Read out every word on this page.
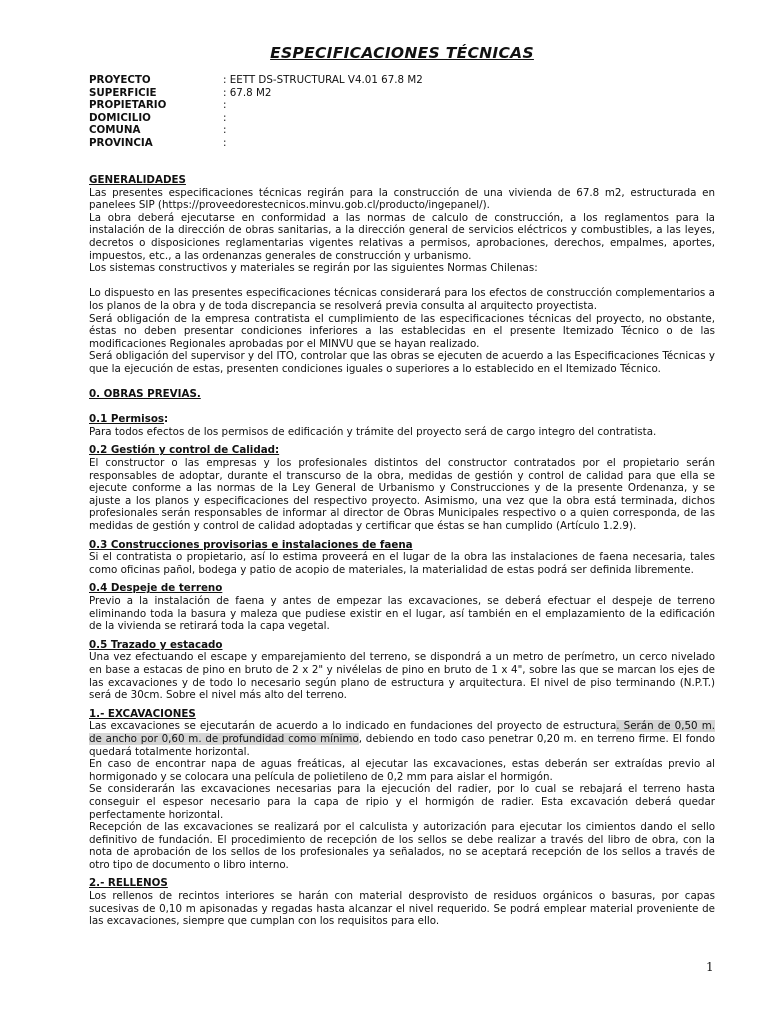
ESPECIFICACIONES TÉCNICAS
PROYECTO	: EETT DS-STRUCTURAL V4.01 67.8 M2
SUPERFICIE	: 67.8 M2
PROPIETARIO	:
DOMICILIO	:
COMUNA	:
PROVINCIA	:
GENERALIDADES

Las presentes especificaciones técnicas regirán para la construcción de una vivienda de 67.8 m2, estructurada en panelees SIP (https://proveedorestecnicos.minvu.gob.cl/producto/ingepanel/).

La obra deberá ejecutarse en conformidad a las normas de calculo de construcción, a los reglamentos para la instalación de la dirección de obras sanitarias, a la dirección general de servicios eléctricos y combustibles, a las leyes, decretos o disposiciones reglamentarias vigentes relativas a permisos, aprobaciones, derechos, empalmes, aportes, impuestos, etc., a las ordenanzas generales de construcción y urbanismo.

Los sistemas constructivos y materiales se regirán por las siguientes Normas Chilenas:

Lo dispuesto en las presentes especificaciones técnicas considerará para los efectos de construcción complementarios a los planos de la obra y de toda discrepancia se resolverá previa consulta al arquitecto proyectista.

Será obligación de la empresa contratista el cumplimiento de las especificaciones técnicas del proyecto, no obstante, éstas no deben presentar condiciones inferiores a las establecidas en el presente Itemizado Técnico o de las modificaciones Regionales aprobadas por el MINVU que se hayan realizado.

Será obligación del supervisor y del ITO, controlar que las obras se ejecuten de acuerdo a las Especificaciones Técnicas y que la ejecución de estas, presenten condiciones iguales o superiores a lo establecido en el Itemizado Técnico.

0. OBRAS PREVIAS.
0.1 Permisos:

Para todos efectos de los permisos de edificación y trámite del proyecto será de cargo integro del contratista.

0.2 Gestión y control de Calidad:

El constructor o las empresas y los profesionales distintos del constructor contratados por el propietario serán responsables de adoptar, durante el transcurso de la obra, medidas de gestión y control de calidad para que ella se ejecute conforme a las normas de la Ley General de Urbanismo y Construcciones y de la presente Ordenanza, y se ajuste a los planos y especificaciones del respectivo proyecto. Asimismo, una vez que la obra está terminada, dichos profesionales serán responsables de informar al director de Obras Municipales respectivo o a quien corresponda, de las medidas de gestión y control de calidad adoptadas y certificar que éstas se han cumplido (Artículo 1.2.9).

0.3 Construcciones provisorias e instalaciones de faena

Si el contratista o propietario, así lo estima proveerá en el lugar de la obra las instalaciones de faena necesaria, tales como oficinas pañol, bodega y patio de acopio de materiales, la materialidad de estas podrá ser definida libremente.

0.4 Despeje de terreno

Previo a la instalación de faena y antes de empezar las excavaciones, se deberá efectuar el despeje de terreno eliminando toda la basura y maleza que pudiese existir en el lugar, así también en el emplazamiento de la edificación de la vivienda se retirará toda la capa vegetal.

0.5 Trazado y estacado

Una vez efectuando el escape y emparejamiento del terreno, se dispondrá a un metro de perímetro, un cerco nivelado en base a estacas de pino en bruto de 2 x 2" y nivélelas de pino en bruto de 1 x 4", sobre las que se marcan los ejes de las excavaciones y de todo lo necesario según plano de estructura y arquitectura. El nivel de piso terminando (N.P.T.) será de 30cm. Sobre el nivel más alto del terreno.

1.- EXCAVACIONES

Las excavaciones se ejecutarán de acuerdo a lo indicado en fundaciones del proyecto de estructura. Serán de 0,50 m. de ancho por 0,60 m. de profundidad como mínimo, debiendo en todo caso penetrar 0,20 m. en terreno firme. El fondo quedará totalmente horizontal.

En caso de encontrar napa de aguas freáticas, al ejecutar las excavaciones, estas deberán ser extraídas previo al hormigonado y se colocara una película de polietileno de 0,2 mm para aislar el hormigón.

Se considerarán las excavaciones necesarias para la ejecución del radier, por lo cual se rebajará el terreno hasta conseguir el espesor necesario para la capa de ripio y el hormigón de radier. Esta excavación deberá quedar perfectamente horizontal.

Recepción de las excavaciones se realizará por el calculista y autorización para ejecutar los cimientos dando el sello definitivo de fundación. El procedimiento de recepción de los sellos se debe realizar a través del libro de obra, con la nota de aprobación de los sellos de los profesionales ya señalados, no se aceptará recepción de los sellos a través de otro tipo de documento o libro interno.

2.- RELLENOS

Los rellenos de recintos interiores se harán con material desprovisto de residuos orgánicos o basuras, por capas sucesivas de 0,10 m apisonadas y regadas hasta alcanzar el nivel requerido. Se podrá emplear material proveniente de las excavaciones, siempre que cumplan con los requisitos para ello.

1
